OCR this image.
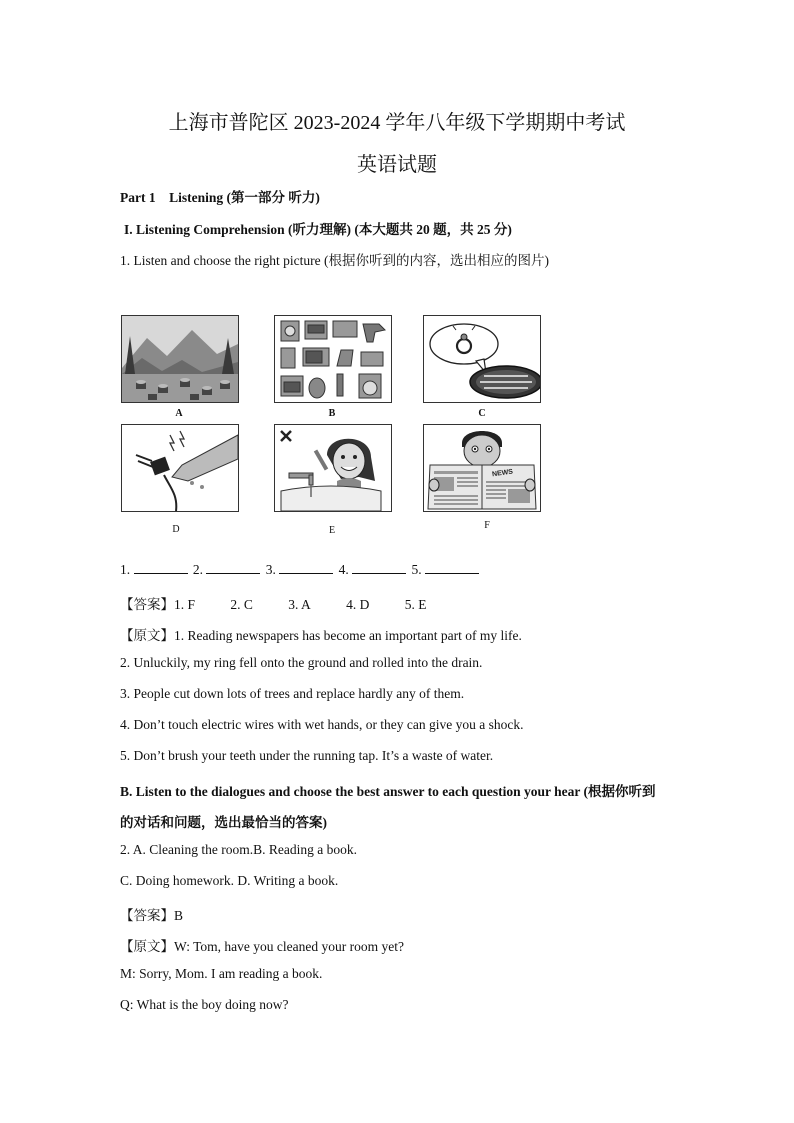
上海市普陀区 2023-2024 学年八年级下学期期中考试
英语试题
Part 1　Listening (第一部分 听力)
I. Listening Comprehension (听力理解) (本大题共 20 题，共 25 分)
1. Listen and choose the right picture (根据你听到的内容，选出相应的图片)
A	B	C
D	E
NEWS
F
1.	2.	3.	4.	5.
【答案】1. F	2. C	3. A	4. D	5. E
【原文】1. Reading newspapers has become an important part of my life.
2. Unluckily, my ring fell onto the ground and rolled into the drain.
3. People cut down lots of trees and replace hardly any of them.
4. Don’t touch electric wires with wet hands, or they can give you a shock.
5. Don’t brush your teeth under the running tap. It’s a waste of water.
B. Listen to the dialogues and choose the best answer to each question your hear (根据你听到
的对话和问题，选出最恰当的答案)
2. A. Cleaning the room.B. Reading a book.
C. Doing homework. D. Writing a book.
【答案】B
【原文】W: Tom, have you cleaned your room yet?
M: Sorry, Mom. I am reading a book.
Q: What is the boy doing now?
